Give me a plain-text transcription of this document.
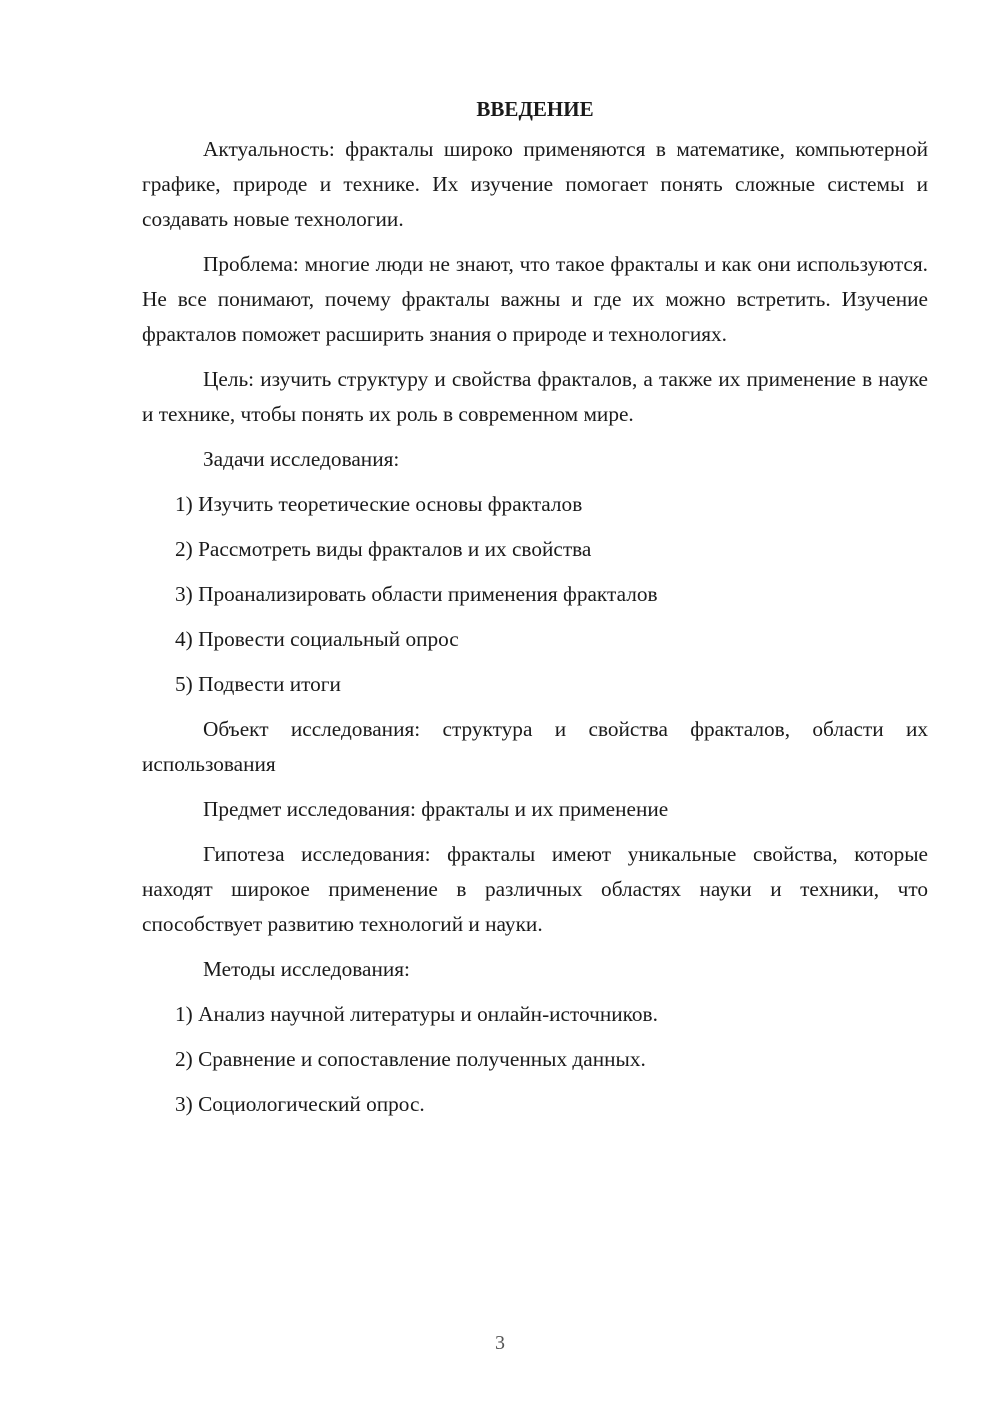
ВВЕДЕНИЕ

Актуальность: фракталы широко применяются в математике, компьютерной графике, природе и технике. Их изучение помогает понять сложные системы и создавать новые технологии.

Проблема: многие люди не знают, что такое фракталы и как они используются. Не все понимают, почему фракталы важны и где их можно встретить. Изучение фракталов поможет расширить знания о природе и технологиях.

Цель: изучить структуру и свойства фракталов, а также их применение в науке и технике, чтобы понять их роль в современном мире.

Задачи исследования:
1) Изучить теоретические основы фракталов
2) Рассмотреть виды фракталов и их свойства
3) Проанализировать области применения фракталов
4) Провести социальный опрос
5) Подвести итоги

Объект исследования: структура и свойства фракталов, области их использования

Предмет исследования: фракталы и их применение

Гипотеза исследования: фракталы имеют уникальные свойства, которые находят широкое применение в различных областях науки и техники, что способствует развитию технологий и науки.

Методы исследования:
1) Анализ научной литературы и онлайн-источников.
2) Сравнение и сопоставление полученных данных.
3) Социологический опрос.
3
